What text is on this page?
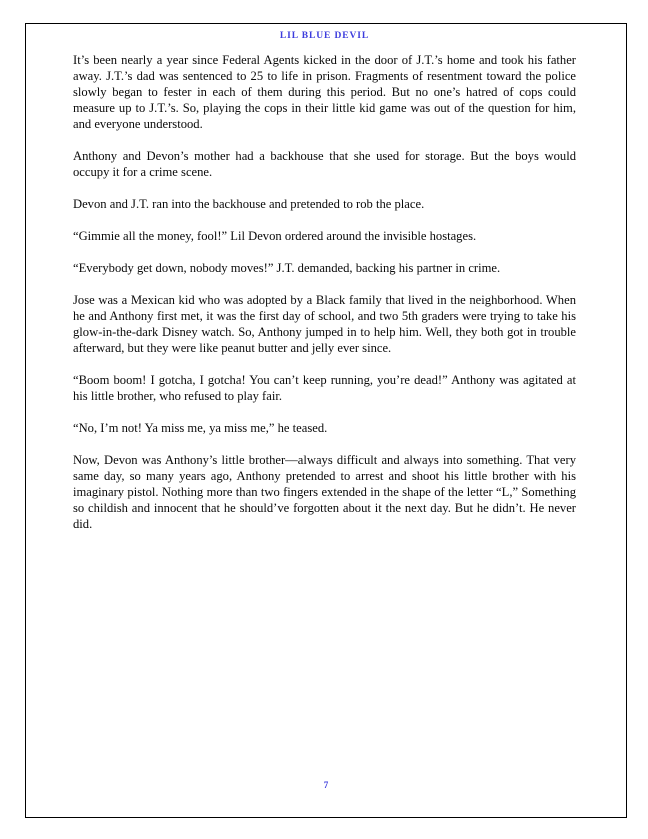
LIL BLUE DEVIL

It’s been nearly a year since Federal Agents kicked in the door of J.T.’s home and took his father away. J.T.’s dad was sentenced to 25 to life in prison. Fragments of resentment toward the police slowly began to fester in each of them during this period. But no one’s hatred of cops could measure up to J.T.’s. So, playing the cops in their little kid game was out of the question for him, and everyone understood.

Anthony and Devon’s mother had a backhouse that she used for storage. But the boys would occupy it for a crime scene.

Devon and J.T. ran into the backhouse and pretended to rob the place.

“Gimmie all the money, fool!” Lil Devon ordered around the invisible hostages.

“Everybody get down, nobody moves!” J.T. demanded, backing his partner in crime.

Jose was a Mexican kid who was adopted by a Black family that lived in the neighborhood. When he and Anthony first met, it was the first day of school, and two 5th graders were trying to take his glow-in-the-dark Disney watch. So, Anthony jumped in to help him. Well, they both got in trouble afterward, but they were like peanut butter and jelly ever since.

“Boom boom! I gotcha, I gotcha! You can’t keep running, you’re dead!” Anthony was agitated at his little brother, who refused to play fair.

“No, I’m not! Ya miss me, ya miss me,” he teased.

Now, Devon was Anthony’s little brother—always difficult and always into something. That very same day, so many years ago, Anthony pretended to arrest and shoot his little brother with his imaginary pistol. Nothing more than two fingers extended in the shape of the letter “L,” Something so childish and innocent that he should’ve forgotten about it the next day. But he didn’t. He never did.

7
